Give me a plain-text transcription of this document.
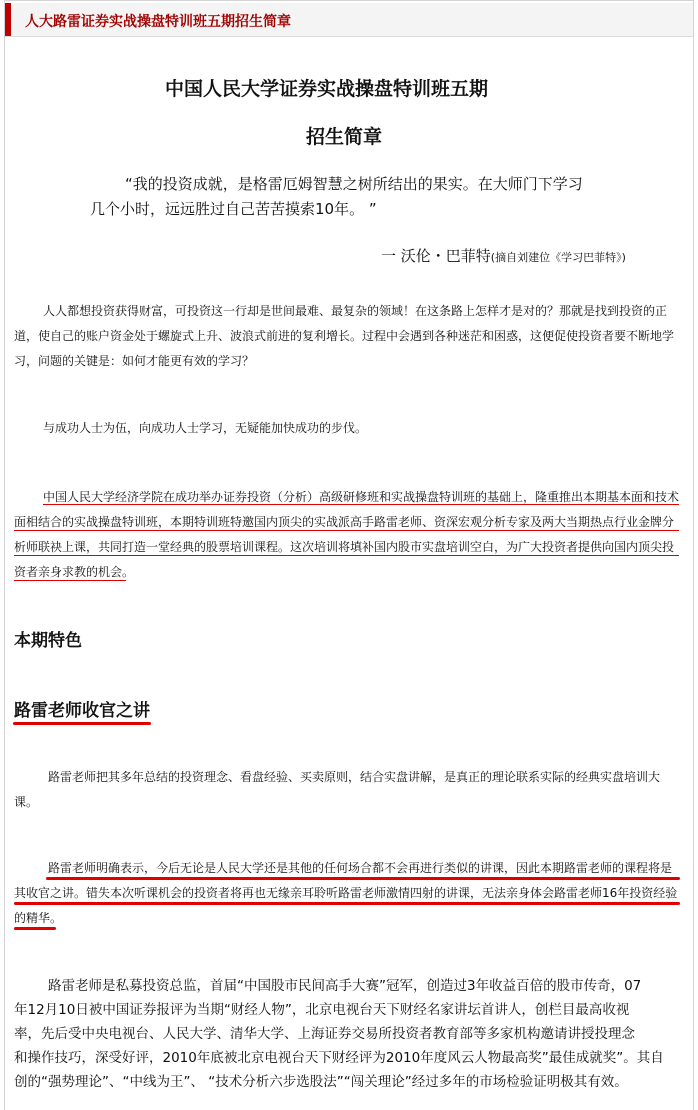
人大路雷证券实战操盘特训班五期招生简章
中国人民大学证券实战操盘特训班五期
招生简章
“我的投资成就，是格雷厄姆智慧之树所结出的果实。在大师门下学习
几个小时，远远胜过自己苦苦摸索10年。 ”
一 沃伦・巴菲特(摘自刘建位《学习巴菲特》)
人人都想投资获得财富，可投资这一行却是世间最难、最复杂的领域！在这条路上怎样才是对的？那就是找到投资的正
道，使自己的账户资金处于螺旋式上升、波浪式前进的复利增长。过程中会遇到各种迷茫和困惑，这便促使投资者要不断地学
习，问题的关键是：如何才能更有效的学习？
与成功人士为伍，向成功人士学习，无疑能加快成功的步伐。
中国人民大学经济学院在成功举办证券投资（分析）高级研修班和实战操盘特训班的基础上，隆重推出本期基本面和技术
面相结合的实战操盘特训班，本期特训班特邀国内顶尖的实战派高手路雷老师、资深宏观分析专家及两大当期热点行业金牌分
析师联袂上课，共同打造一堂经典的股票培训课程。这次培训将填补国内股市实盘培训空白，为广大投资者提供向国内顶尖投
资者亲身求教的机会。
本期特色
路雷老师收官之讲
路雷老师把其多年总结的投资理念、看盘经验、买卖原则，结合实盘讲解，是真正的理论联系实际的经典实盘培训大
课。
路雷老师明确表示，今后无论是人民大学还是其他的任何场合都不会再进行类似的讲课，因此本期路雷老师的课程将是
其收官之讲。错失本次听课机会的投资者将再也无缘亲耳聆听路雷老师激情四射的讲课，无法亲身体会路雷老师16年投资经验
的精华。
路雷老师是私募投资总监，首届“中国股市民间高手大赛”冠军，创造过3年收益百倍的股市传奇，07
年12月10日被中国证券报评为当期“财经人物”，北京电视台天下财经名家讲坛首讲人，创栏目最高收视
率，先后受中央电视台、人民大学、清华大学、上海证券交易所投资者教育部等多家机构邀请讲授投理念
和操作技巧，深受好评，2010年底被北京电视台天下财经评为2010年度风云人物最高奖”最佳成就奖”。其自
创的“强势理论”、“中线为王”、 “技术分析六步选股法”“闯关理论”经过多年的市场检验证明极其有效。
